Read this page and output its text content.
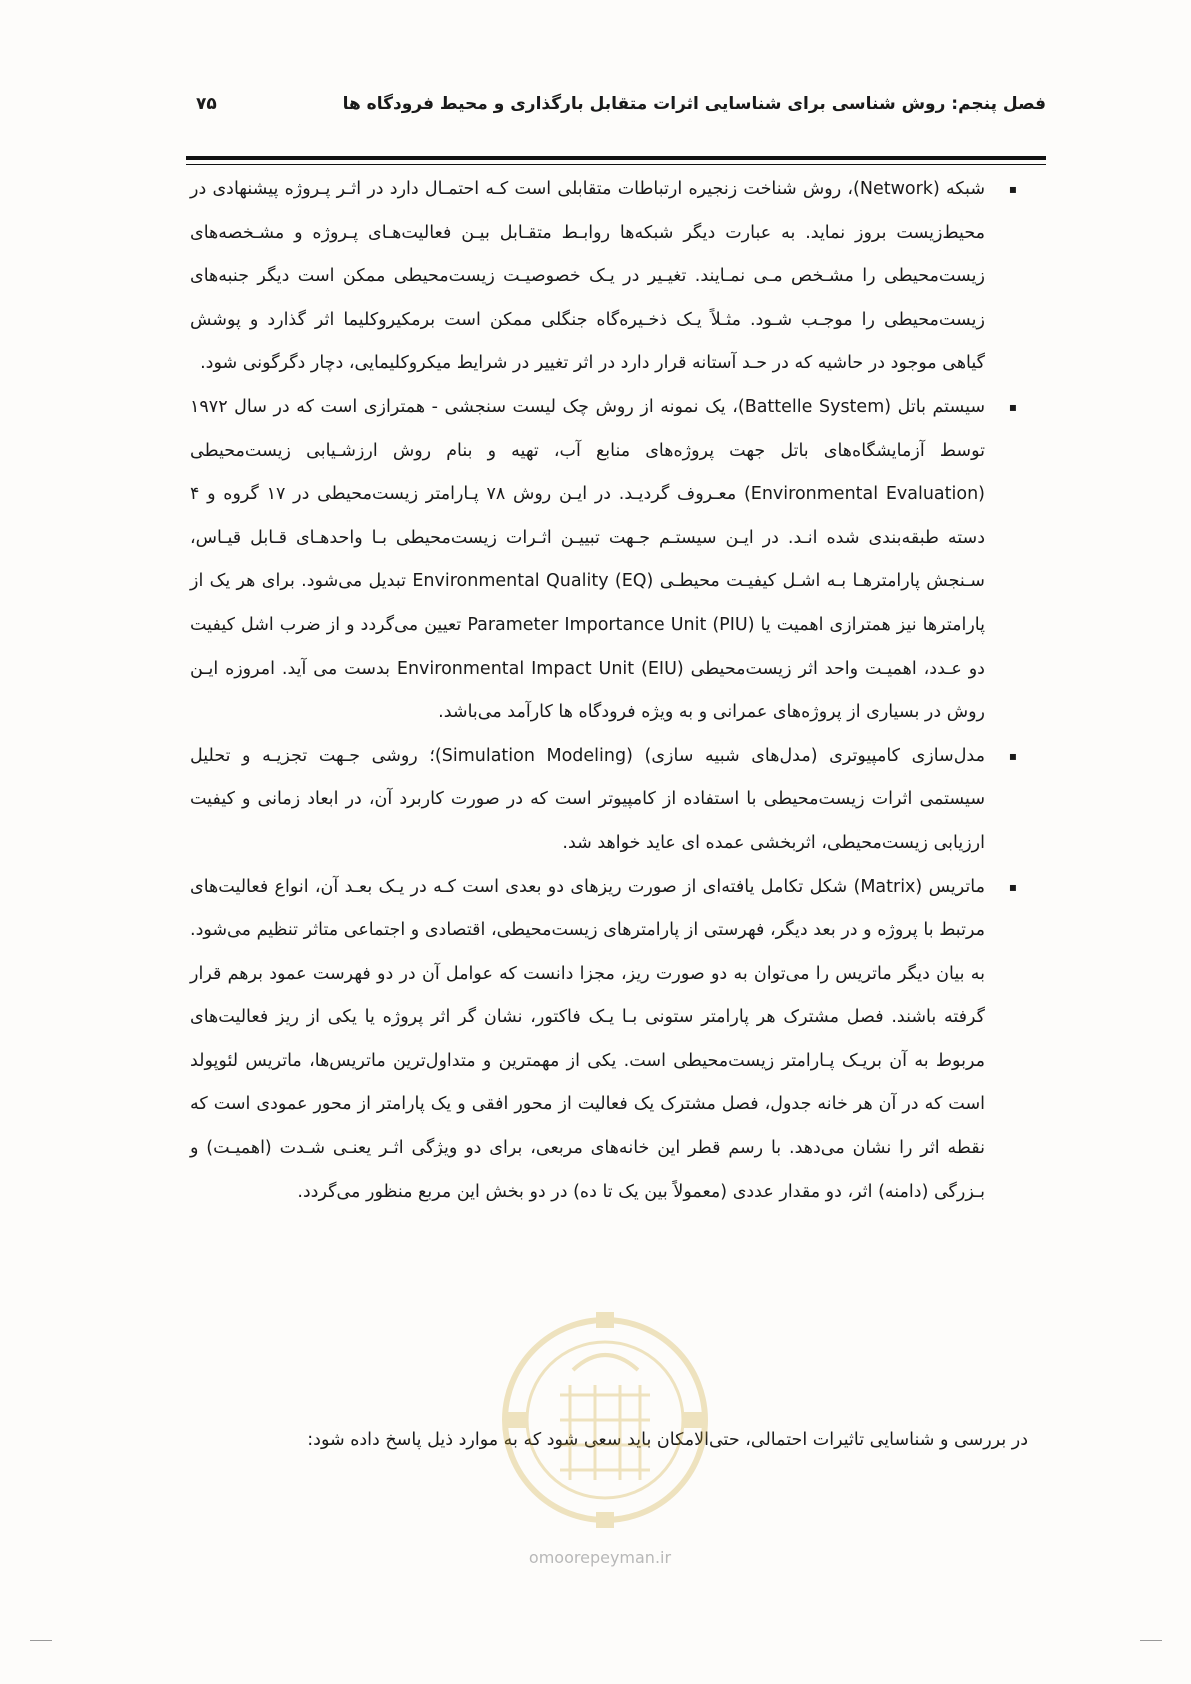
فصل پنجم: روش شناسی برای شناسایی اثرات متقابل بارگذاری و محیط فرودگاه ها
۷۵
▪
شبکه (Network)، روش شناخت زنجیره ارتباطات متقابلی است کـه احتمـال دارد در اثـر پـروژه پیشنهادی در محیط‌زیست بروز نماید. به عبارت دیگر شبکه‌ها روابـط متقـابل بیـن فعالیت‌هـای پـروژه و مشـخصه‌های زیست‌محیطی را مشـخص مـی نمـایند. تغیـیر در یـک خصوصیـت زیست‌محیطی ممکن است دیگر جنبه‌های زیست‌محیطی را موجـب شـود. مثـلاً یـک ذخـیره‌گاه جنگلی ممکن است برمکیروکلیما اثر گذارد و پوشش گیاهی موجود در حاشیه که در حـد آستانه قرار دارد در اثر تغییر در شرایط میکروکلیمایی، دچار دگرگونی شود.
▪
سیستم باتل (Battelle System)، یک نمونه از روش چک لیست سنجشی - همترازی است که در سال ۱۹۷۲ توسط آزمایشگاه‌های باتل جهت پروژه‌های منابع آب، تهیه و بنام روش ارزشـیابی زیست‌محیطی (Environmental Evaluation) معـروف گردیـد. در ایـن روش ۷۸ پـارامتر زیست‌محیطی در ۱۷ گروه و ۴ دسته طبقه‌بندی شده انـد. در ایـن سیستـم جـهت تبییـن اثـرات زیست‌محیطی بـا واحدهـای قـابل قیـاس، سـنجش پارامترهـا بـه اشـل کیفیـت محیطـی Environmental Quality (EQ) تبدیل می‌شود. برای هر یک از پارامترها نیز همترازی اهمیت یا Parameter Importance Unit (PIU) تعیین می‌گردد و از ضرب اشل کیفیت دو عـدد، اهمیـت واحد اثر زیست‌محیطی (Environmental Impact Unit (EIU بدست می آید. امروزه ایـن روش در بسیاری از پروژه‌های عمرانی و به ویژه فرودگاه ها کارآمد می‌باشد.
▪
مدل‌سازی کامپیوتری (مدل‌های شبیه سازی) (Simulation Modeling)؛ روشی جـهت تجزیـه و تحلیل سیستمی اثرات زیست‌محیطی با استفاده از کامپیوتر است که در صورت کاربرد آن، در ابعاد زمانی و کیفیت ارزیابی زیست‌محیطی، اثربخشی عمده ای عاید خواهد شد.
▪
ماتریس (Matrix) شکل تکامل یافته‌ای از صورت ریزهای دو بعدی است کـه در یـک بعـد آن، انواع فعالیت‌های مرتبط با پروژه و در بعد دیگر، فهرستی از پارامترهای زیست‌محیطی، اقتصادی و اجتماعی متاثر تنظیم می‌شود. به بیان دیگر ماتریس را می‌توان به دو صورت ریز، مجزا دانست که عوامل آن در دو فهرست عمود برهم قرار گرفته باشند. فصل مشترک هر پارامتر ستونی بـا یـک فاکتور، نشان گر اثر پروژه یا یکی از ریز فعالیت‌های مربوط به آن بریـک پـارامتر زیست‌محیطی است. یکی از مهمترین و متداول‌ترین ماتریس‌ها، ماتریس لئوپولد است که در آن هر خانه جدول، فصل مشترک یک فعالیت از محور افقی و یک پارامتر از محور عمودی است که نقطه اثر را نشان می‌دهد. با رسم قطر این خانه‌های مربعی، برای دو ویژگی اثـر یعنـی شـدت (اهمیـت) و بـزرگی (دامنه) اثر، دو مقدار عددی (معمولاً بین یک تا ده) در دو بخش این مربع منظور می‌گردد.
در بررسی و شناسایی تاثیرات احتمالی، حتی‌الامکان باید سعی شود که به موارد ذیل پاسخ داده شود:
omoorepeyman.ir
